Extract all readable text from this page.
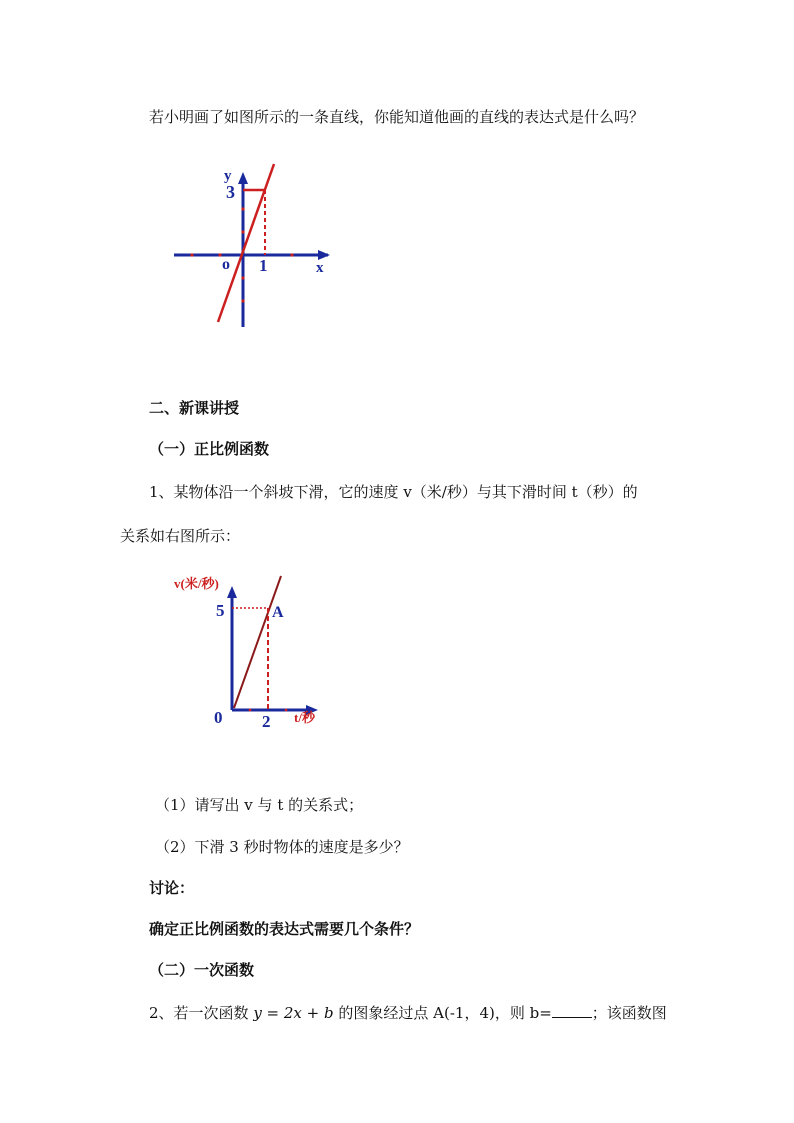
若小明画了如图所示的一条直线，你能知道他画的直线的表达式是什么吗？
y
3
o 1	x
二、新课讲授
（一）正比例函数
1、某物体沿一个斜坡下滑，它的速度 v（米/秒）与其下滑时间 t（秒）的
关系如右图所示：
v(米/秒)
5	A
0 2 t/秒
（1）请写出 v 与 t 的关系式；
（2）下滑 3 秒时物体的速度是多少？
讨论：
确定正比例函数的表达式需要几个条件？
（二）一次函数
2、若一次函数 y = 2x + b 的图象经过点 A(-1，4)，则 b=	；该函数图
